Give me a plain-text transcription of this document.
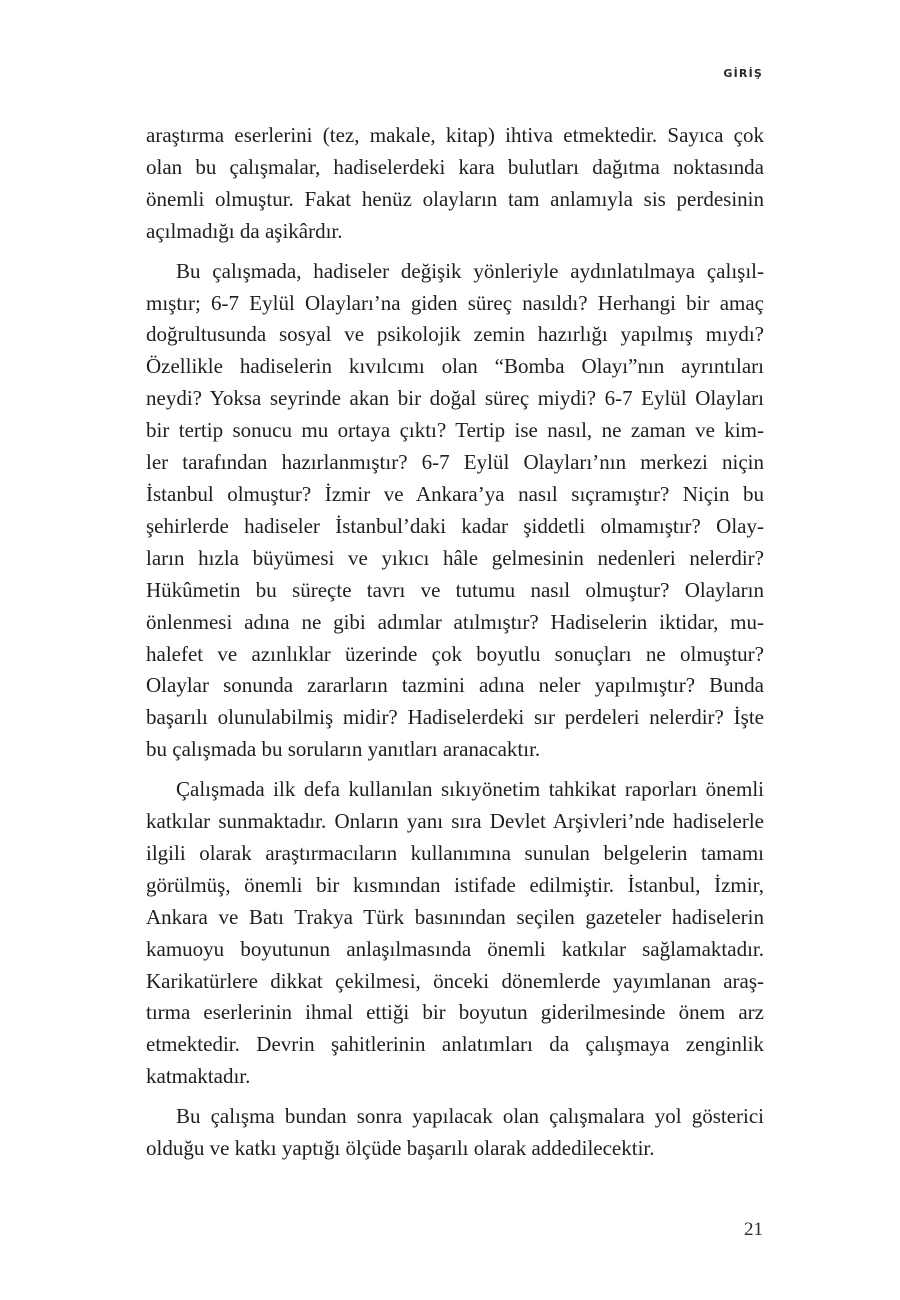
GİRİŞ

araştırma eserlerini (tez, makale, kitap) ihtiva etmektedir. Sayıca çok
olan bu çalışmalar, hadiselerdeki kara bulutları dağıtma noktasında
önemli olmuştur. Fakat henüz olayların tam anlamıyla sis perdesinin
açılmadığı da aşikârdır.

Bu çalışmada, hadiseler değişik yönleriyle aydınlatılmaya çalışıl-
mıştır; 6-7 Eylül Olayları’na giden süreç nasıldı? Herhangi bir amaç
doğrultusunda sosyal ve psikolojik zemin hazırlığı yapılmış mıydı?
Özellikle hadiselerin kıvılcımı olan “Bomba Olayı”nın ayrıntıları
neydi? Yoksa seyrinde akan bir doğal süreç miydi? 6-7 Eylül Olayları
bir tertip sonucu mu ortaya çıktı? Tertip ise nasıl, ne zaman ve kim-
ler tarafından hazırlanmıştır? 6-7 Eylül Olayları’nın merkezi niçin
İstanbul olmuştur? İzmir ve Ankara’ya nasıl sıçramıştır? Niçin bu
şehirlerde hadiseler İstanbul’daki kadar şiddetli olmamıştır? Olay-
ların hızla büyümesi ve yıkıcı hâle gelmesinin nedenleri nelerdir?
Hükûmetin bu süreçte tavrı ve tutumu nasıl olmuştur? Olayların
önlenmesi adına ne gibi adımlar atılmıştır? Hadiselerin iktidar, mu-
halefet ve azınlıklar üzerinde çok boyutlu sonuçları ne olmuştur?
Olaylar sonunda zararların tazmini adına neler yapılmıştır? Bunda
başarılı olunulabilmiş midir? Hadiselerdeki sır perdeleri nelerdir? İşte
bu çalışmada bu soruların yanıtları aranacaktır.

Çalışmada ilk defa kullanılan sıkıyönetim tahkikat raporları önemli
katkılar sunmaktadır. Onların yanı sıra Devlet Arşivleri’nde hadiselerle
ilgili olarak araştırmacıların kullanımına sunulan belgelerin tamamı
görülmüş, önemli bir kısmından istifade edilmiştir. İstanbul, İzmir,
Ankara ve Batı Trakya Türk basınından seçilen gazeteler hadiselerin
kamuoyu boyutunun anlaşılmasında önemli katkılar sağlamaktadır.
Karikatürlere dikkat çekilmesi, önceki dönemlerde yayımlanan araş-
tırma eserlerinin ihmal ettiği bir boyutun giderilmesinde önem arz
etmektedir. Devrin şahitlerinin anlatımları da çalışmaya zenginlik
katmaktadır.

Bu çalışma bundan sonra yapılacak olan çalışmalara yol gösterici
olduğu ve katkı yaptığı ölçüde başarılı olarak addedilecektir.

21
